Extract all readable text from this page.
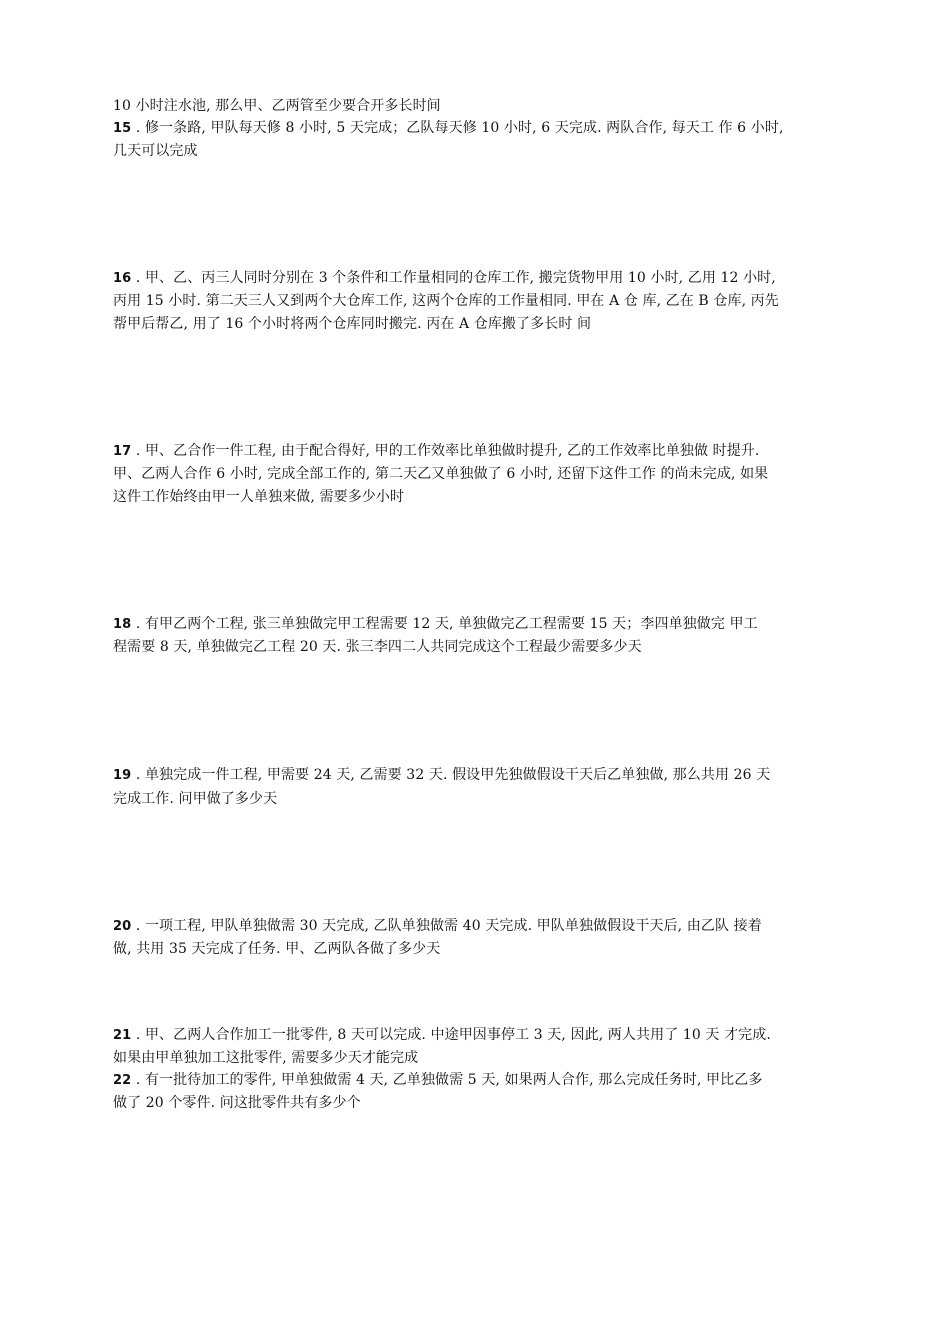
10 小时注水池, 那么甲、乙两管至少要合开多长时间
15 . 修一条路, 甲队每天修 8 小时, 5 天完成；乙队每天修 10 小时, 6 天完成. 两队合作, 每天工 作 6 小时,
几天可以完成
16 . 甲、乙、丙三人同时分别在 3 个条件和工作量相同的仓库工作, 搬完货物甲用 10 小时, 乙用 12 小时,
丙用 15 小时. 第二天三人又到两个大仓库工作, 这两个仓库的工作量相同. 甲在 A 仓 库, 乙在 B 仓库, 丙先
帮甲后帮乙, 用了 16 个小时将两个仓库同时搬完. 丙在 A 仓库搬了多长时 间
17 . 甲、乙合作一件工程, 由于配合得好, 甲的工作效率比单独做时提升, 乙的工作效率比单独做 时提升.
甲、乙两人合作 6 小时, 完成全部工作的, 第二天乙又单独做了 6 小时, 还留下这件工作 的尚未完成, 如果
这件工作始终由甲一人单独来做, 需要多少小时
18 . 有甲乙两个工程, 张三单独做完甲工程需要 12 天, 单独做完乙工程需要 15 天；李四单独做完 甲工
程需要 8 天, 单独做完乙工程 20 天. 张三李四二人共同完成这个工程最少需要多少天
19 . 单独完成一件工程, 甲需要 24 天, 乙需要 32 天. 假设甲先独做假设干天后乙单独做, 那么共用 26 天
完成工作. 问甲做了多少天
20 . 一项工程, 甲队单独做需 30 天完成, 乙队单独做需 40 天完成. 甲队单独做假设干天后, 由乙队 接着
做, 共用 35 天完成了任务. 甲、乙两队各做了多少天
21 . 甲、乙两人合作加工一批零件, 8 天可以完成. 中途甲因事停工 3 天, 因此, 两人共用了 10 天 才完成.
如果由甲单独加工这批零件, 需要多少天才能完成
22 . 有一批待加工的零件, 甲单独做需 4 天, 乙单独做需 5 天, 如果两人合作, 那么完成任务时, 甲比乙多
做了 20 个零件. 问这批零件共有多少个
